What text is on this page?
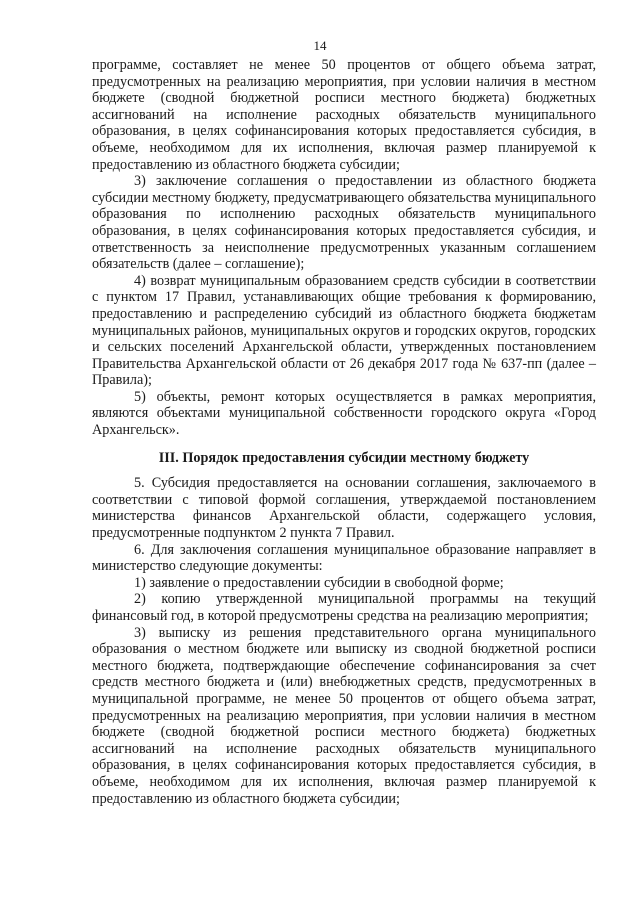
14

программе, составляет не менее 50 процентов от общего объема затрат, предусмотренных на реализацию мероприятия, при условии наличия в местном бюджете (сводной бюджетной росписи местного бюджета) бюджетных ассигнований на исполнение расходных обязательств муниципального образования, в целях софинансирования которых предоставляется субсидия, в объеме, необходимом для их исполнения, включая размер планируемой к предоставлению из областного бюджета субсидии;

3) заключение соглашения о предоставлении из областного бюджета субсидии местному бюджету, предусматривающего обязательства муниципального образования по исполнению расходных обязательств муниципального образования, в целях софинансирования которых предоставляется субсидия, и ответственность за неисполнение предусмотренных указанным соглашением обязательств (далее – соглашение);

4) возврат муниципальным образованием средств субсидии в соответствии с пунктом 17 Правил, устанавливающих общие требования к формированию, предоставлению и распределению субсидий из областного бюджета бюджетам муниципальных районов, муниципальных округов и городских округов, городских и сельских поселений Архангельской области, утвержденных постановлением Правительства Архангельской области от 26 декабря 2017 года № 637-пп (далее – Правила);

5) объекты, ремонт которых осуществляется в рамках мероприятия, являются объектами муниципальной собственности городского округа «Город Архангельск».

III. Порядок предоставления субсидии местному бюджету

5. Субсидия предоставляется на основании соглашения, заключаемого в соответствии с типовой формой соглашения, утверждаемой постановлением министерства финансов Архангельской области, содержащего условия, предусмотренные подпунктом 2 пункта 7 Правил.

6. Для заключения соглашения муниципальное образование направляет в министерство следующие документы:

1) заявление о предоставлении субсидии в свободной форме;

2) копию утвержденной муниципальной программы на текущий финансовый год, в которой предусмотрены средства на реализацию мероприятия;

3) выписку из решения представительного органа муниципального образования о местном бюджете или выписку из сводной бюджетной росписи местного бюджета, подтверждающие обеспечение софинансирования за счет средств местного бюджета и (или) внебюджетных средств, предусмотренных в муниципальной программе, не менее 50 процентов от общего объема затрат, предусмотренных на реализацию мероприятия, при условии наличия в местном бюджете (сводной бюджетной росписи местного бюджета) бюджетных ассигнований на исполнение расходных обязательств муниципального образования, в целях софинансирования которых предоставляется субсидия, в объеме, необходимом для их исполнения, включая размер планируемой к предоставлению из областного бюджета субсидии;
